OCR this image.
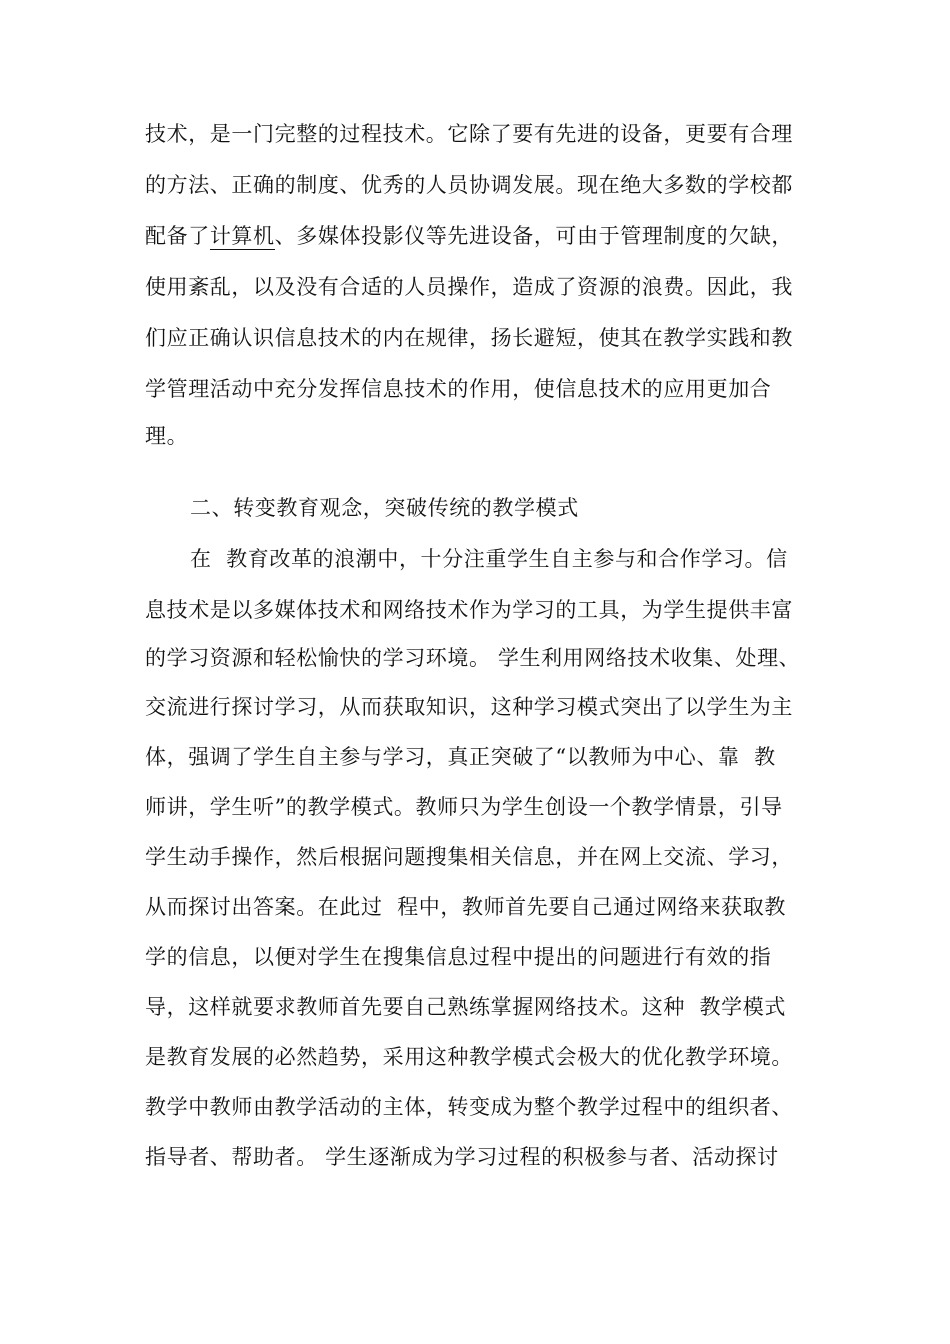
技术，是一门完整的过程技术。它除了要有先进的设备，更要有合理
的方法、正确的制度、优秀的人员协调发展。现在绝大多数的学校都
配备了计算机、多媒体投影仪等先进设备，可由于管理制度的欠缺，
使用紊乱，以及没有合适的人员操作，造成了资源的浪费。因此，我
们应正确认识信息技术的内在规律，扬长避短，使其在教学实践和教
学管理活动中充分发挥信息技术的作用，使信息技术的应用更加合
理。
二、转变教育观念，突破传统的教学模式
在  教育改革的浪潮中，十分注重学生自主参与和合作学习。信
息技术是以多媒体技术和网络技术作为学习的工具，为学生提供丰富
的学习资源和轻松愉快的学习环境。 学生利用网络技术收集、处理、
交流进行探讨学习，从而获取知识，这种学习模式突出了以学生为主
体，强调了学生自主参与学习，真正突破了“以教师为中心、靠  教
师讲，学生听”的教学模式。教师只为学生创设一个教学情景，引导
学生动手操作，然后根据问题搜集相关信息，并在网上交流、学习，
从而探讨出答案。在此过  程中，教师首先要自己通过网络来获取教
学的信息，以便对学生在搜集信息过程中提出的问题进行有效的指
导，这样就要求教师首先要自己熟练掌握网络技术。这种  教学模式
是教育发展的必然趋势，采用这种教学模式会极大的优化教学环境。
教学中教师由教学活动的主体，转变成为整个教学过程中的组织者、
指导者、帮助者。 学生逐渐成为学习过程的积极参与者、活动探讨
